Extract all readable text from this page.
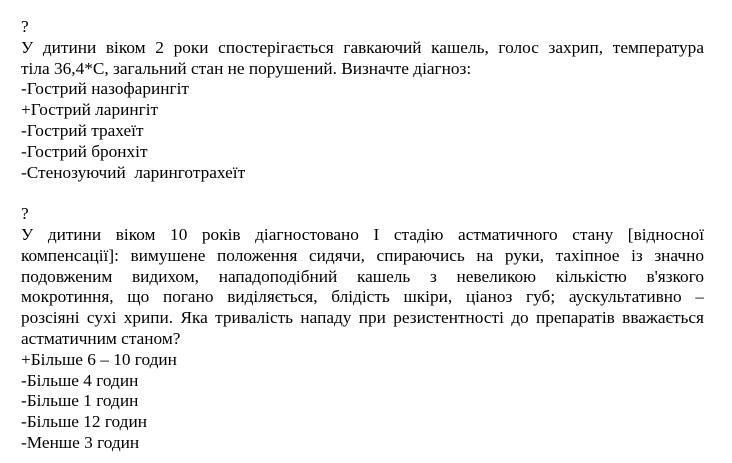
?
У дитини віком 2 роки спостерігається гавкаючий кашель, голос захрип, температура
тіла 36,4*С, загальний стан не порушений. Визначте діагноз:
-Гострий назофарингіт
+Гострий ларингіт
-Гострий трахеїт
-Гострий бронхіт
-Стенозуючий  ларинготрахеїт
?
У дитини віком 10 років діагностовано I стадію астматичного стану [відносної
компенсації]: вимушене положення сидячи, спираючись на руки, тахіпное із значно
подовженим видихом, нападоподібний кашель з невеликою кількістю в'язкого
мокротиння, що погано виділяється, блідість шкіри, ціаноз губ; аускультативно –
розсіяні сухі хрипи. Яка тривалість нападу при резистентності до препаратів вважається
астматичним станом?
+Більше 6 – 10 годин
-Більше 4 годин
-Більше 1 годин
-Більше 12 годин
-Менше 3 годин
